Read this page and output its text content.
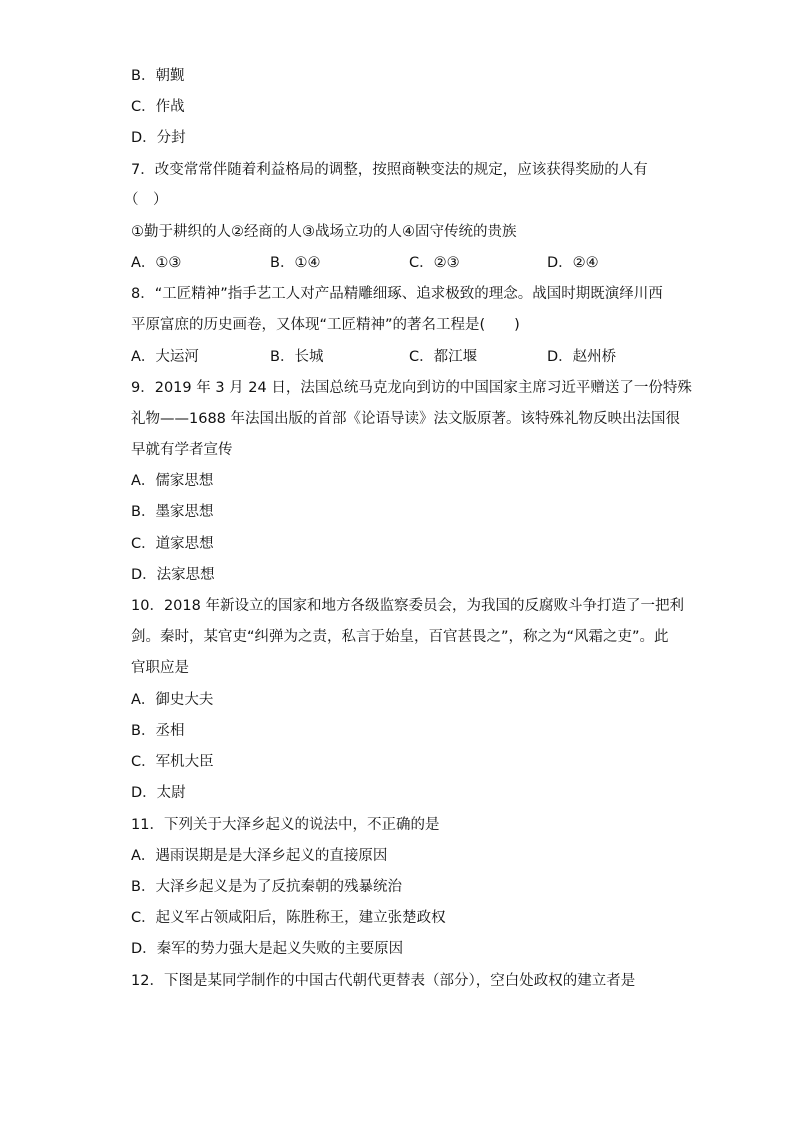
B．朝觐
C．作战
D．分封
7．改变常常伴随着利益格局的调整，按照商鞅变法的规定，应该获得奖励的人有
（　）
①勤于耕织的人②经商的人③战场立功的人④固守传统的贵族
A．①③	B．①④	C．②③	D．②④
8．“工匠精神”指手艺工人对产品精雕细琢、追求极致的理念。战国时期既演绎川西
平原富庶的历史画卷，又体现“工匠精神”的著名工程是(　　)
A．大运河	B．长城	C．都江堰	D．赵州桥
9．2019 年 3 月 24 日，法国总统马克龙向到访的中国国家主席习近平赠送了一份特殊
礼物——1688 年法国出版的首部《论语导读》法文版原著。该特殊礼物反映出法国很
早就有学者宣传
A．儒家思想
B．墨家思想
C．道家思想
D．法家思想
10．2018 年新设立的国家和地方各级监察委员会，为我国的反腐败斗争打造了一把利
剑。秦时，某官吏“纠弹为之责，私言于始皇，百官甚畏之”，称之为“风霜之吏”。此
官职应是
A．御史大夫
B．丞相
C．军机大臣
D．太尉
11．下列关于大泽乡起义的说法中，不正确的是
A．遇雨误期是是大泽乡起义的直接原因
B．大泽乡起义是为了反抗秦朝的残暴统治
C．起义军占领咸阳后，陈胜称王，建立张楚政权
D．秦军的势力强大是起义失败的主要原因
12．下图是某同学制作的中国古代朝代更替表（部分），空白处政权的建立者是
